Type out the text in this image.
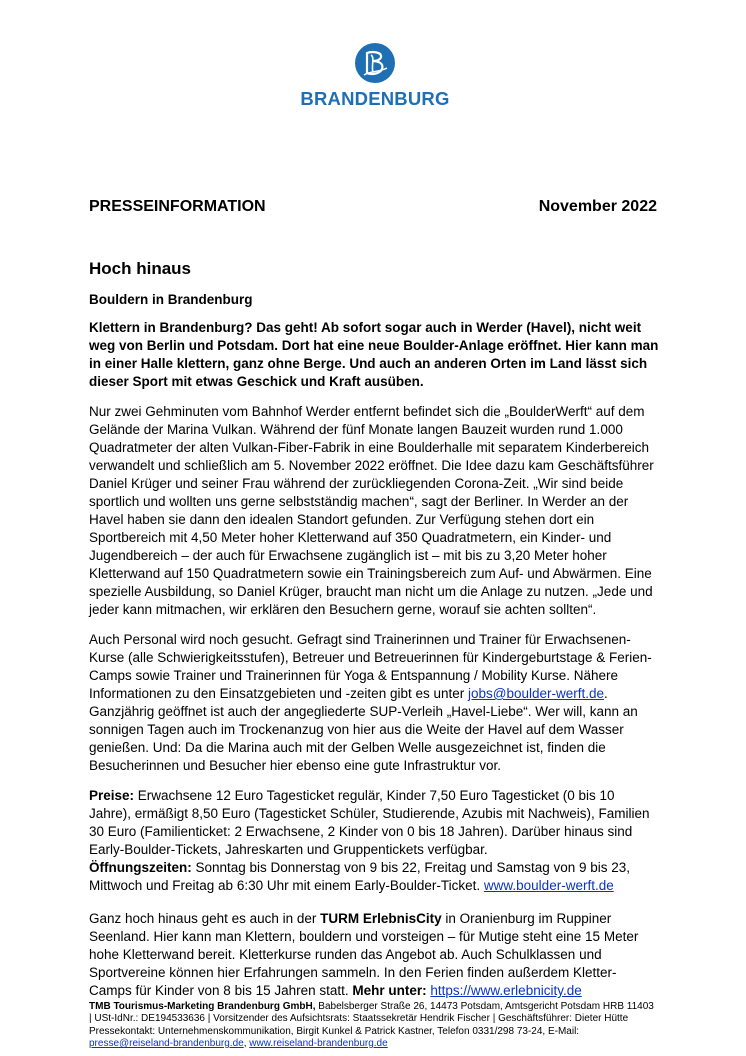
BRANDENBURG
PRESSEINFORMATION	November 2022
Hoch hinaus
Bouldern in Brandenburg
Klettern in Brandenburg? Das geht! Ab sofort sogar auch in Werder (Havel), nicht weit weg von Berlin und Potsdam. Dort hat eine neue Boulder-Anlage eröffnet. Hier kann man in einer Halle klettern, ganz ohne Berge. Und auch an anderen Orten im Land lässt sich dieser Sport mit etwas Geschick und Kraft ausüben.
Nur zwei Gehminuten vom Bahnhof Werder entfernt befindet sich die „BoulderWerft“ auf dem Gelände der Marina Vulkan. Während der fünf Monate langen Bauzeit wurden rund 1.000 Quadratmeter der alten Vulkan-Fiber-Fabrik in eine Boulderhalle mit separatem Kinderbereich verwandelt und schließlich am 5. November 2022 eröffnet. Die Idee dazu kam Geschäftsführer Daniel Krüger und seiner Frau während der zurückliegenden Corona-Zeit. „Wir sind beide sportlich und wollten uns gerne selbstständig machen“, sagt der Berliner. In Werder an der Havel haben sie dann den idealen Standort gefunden. Zur Verfügung stehen dort ein Sportbereich mit 4,50 Meter hoher Kletterwand auf 350 Quadratmetern, ein Kinder- und Jugendbereich – der auch für Erwachsene zugänglich ist – mit bis zu 3,20 Meter hoher Kletterwand auf 150 Quadratmetern sowie ein Trainingsbereich zum Auf- und Abwärmen. Eine spezielle Ausbildung, so Daniel Krüger, braucht man nicht um die Anlage zu nutzen. „Jede und jeder kann mitmachen, wir erklären den Besuchern gerne, worauf sie achten sollten“.
Auch Personal wird noch gesucht. Gefragt sind Trainerinnen und Trainer für Erwachsenen-Kurse (alle Schwierigkeitsstufen), Betreuer und Betreuerinnen für Kindergeburtstage & Ferien-Camps sowie Trainer und Trainerinnen für Yoga & Entspannung / Mobility Kurse. Nähere Informationen zu den Einsatzgebieten und -zeiten gibt es unter jobs@boulder-werft.de. Ganzjährig geöffnet ist auch der angegliederte SUP-Verleih „Havel-Liebe“. Wer will, kann an sonnigen Tagen auch im Trockenanzug von hier aus die Weite der Havel auf dem Wasser genießen. Und: Da die Marina auch mit der Gelben Welle ausgezeichnet ist, finden die Besucherinnen und Besucher hier ebenso eine gute Infrastruktur vor.
Preise: Erwachsene 12 Euro Tagesticket regulär, Kinder 7,50 Euro Tagesticket (0 bis 10 Jahre), ermäßigt 8,50 Euro (Tagesticket Schüler, Studierende, Azubis mit Nachweis), Familien 30 Euro (Familienticket: 2 Erwachsene, 2 Kinder von 0 bis 18 Jahren). Darüber hinaus sind Early-Boulder-Tickets, Jahreskarten und Gruppentickets verfügbar.
Öffnungszeiten: Sonntag bis Donnerstag von 9 bis 22, Freitag und Samstag von 9 bis 23, Mittwoch und Freitag ab 6:30 Uhr mit einem Early-Boulder-Ticket. www.boulder-werft.de
Ganz hoch hinaus geht es auch in der TURM ErlebnisCity in Oranienburg im Ruppiner Seenland. Hier kann man Klettern, bouldern und vorsteigen – für Mutige steht eine 15 Meter hohe Kletterwand bereit. Kletterkurse runden das Angebot ab. Auch Schulklassen und Sportvereine können hier Erfahrungen sammeln. In den Ferien finden außerdem Kletter-Camps für Kinder von 8 bis 15 Jahren statt. Mehr unter: https://www.erlebnicity.de
TMB Tourismus-Marketing Brandenburg GmbH, Babelsberger Straße 26, 14473 Potsdam, Amtsgericht Potsdam HRB 11403 | USt-IdNr.: DE194533636 | Vorsitzender des Aufsichtsrats: Staatssekretär Hendrik Fischer | Geschäftsführer: Dieter Hütte Pressekontakt: Unternehmenskommunikation, Birgit Kunkel & Patrick Kastner, Telefon 0331/298 73-24, E-Mail: presse@reiseland-brandenburg.de, www.reiseland-brandenburg.de
